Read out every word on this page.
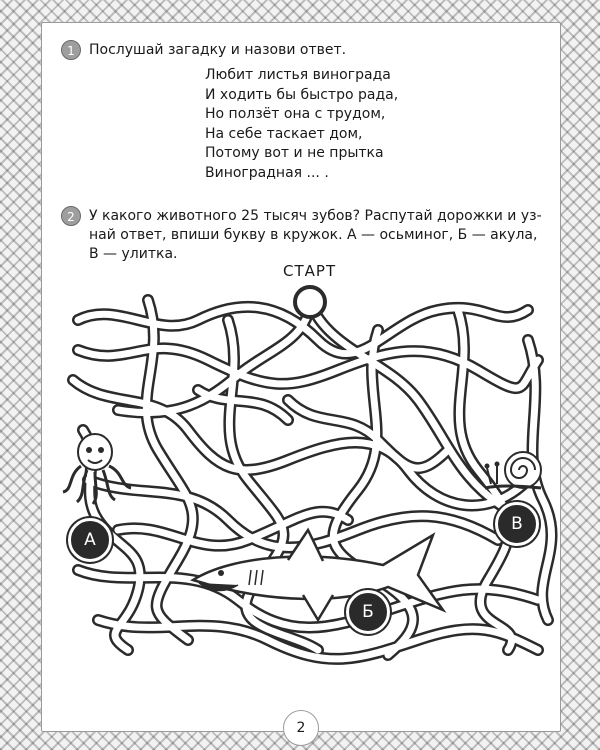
1	Послушай загадку и назови ответ.
Любит листья винограда
И ходить бы быстро рада,
Но ползёт она с трудом,
На себе таскает дом,
Потому вот и не прытка
Виноградная ... .
2	У какого животного 25 тысяч зубов? Распутай дорожки и уз-
най ответ, впиши букву в кружок. А — осьминог, Б — акула,
В — улитка.
СТАРТ
А
Б
В
2
